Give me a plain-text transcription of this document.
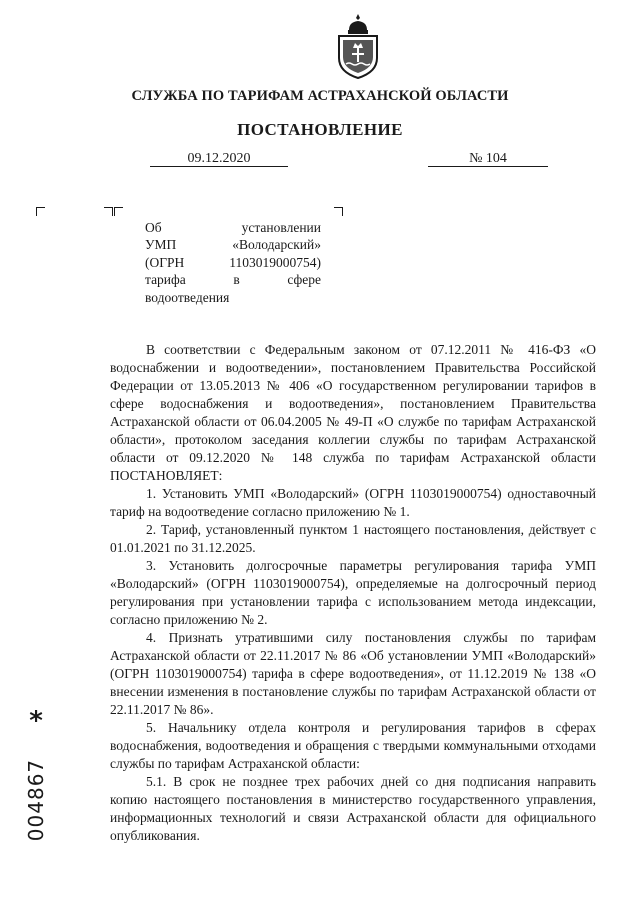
СЛУЖБА ПО ТАРИФАМ АСТРАХАНСКОЙ ОБЛАСТИ
ПОСТАНОВЛЕНИЕ
09.12.2020	№ 104
Об установлении
УМП «Володарский»
(ОГРН 1103019000754)
тарифа в сфере
водоотведения

В соответствии с Федеральным законом от 07.12.2011 № 416-ФЗ «О водоснабжении и водоотведении», постановлением Правительства Российской Федерации от 13.05.2013 № 406 «О государственном регулировании тарифов в сфере водоснабжения и водоотведения», постановлением Правительства Астраханской области от 06.04.2005 № 49-П «О службе по тарифам Астраханской области», протоколом заседания коллегии службы по тарифам Астраханской области от 09.12.2020 № 148 служба по тарифам Астраханской области ПОСТАНОВЛЯЕТ:

1. Установить УМП «Володарский» (ОГРН 1103019000754) одноставочный тариф на водоотведение согласно приложению № 1.

2. Тариф, установленный пунктом 1 настоящего постановления, действует с 01.01.2021 по 31.12.2025.

3. Установить долгосрочные параметры регулирования тарифа УМП «Володарский» (ОГРН 1103019000754), определяемые на долгосрочный период регулирования при установлении тарифа с использованием метода индексации, согласно приложению № 2.

4. Признать утратившими силу постановления службы по тарифам Астраханской области от 22.11.2017 № 86 «Об установлении УМП «Володарский» (ОГРН 1103019000754) тарифа в сфере водоотведения», от 11.12.2019 № 138 «О внесении изменения в постановление службы по тарифам Астраханской области от 22.11.2017 № 86».

5. Начальнику отдела контроля и регулирования тарифов в сферах водоснабжения, водоотведения и обращения с твердыми коммунальными отходами службы по тарифам Астраханской области:

5.1. В срок не позднее трех рабочих дней со дня подписания направить копию настоящего постановления в министерство государственного управления, информационных технологий и связи Астраханской области для официального опубликования.

*
004867
